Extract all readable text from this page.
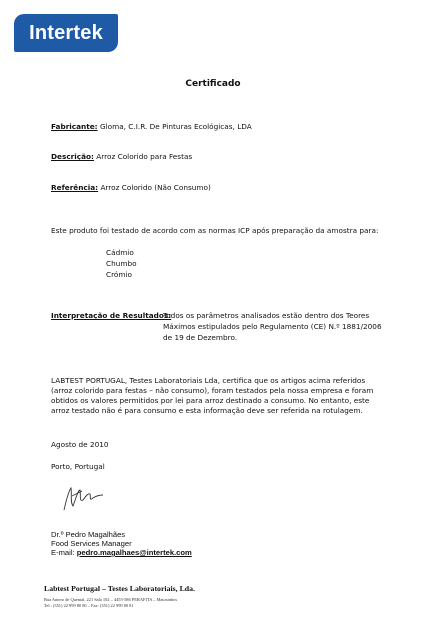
Intertek
Certificado
Fabricante: Gloma, C.I.R. De Pinturas Ecológicas, LDA
Descrição: Arroz Colorido para Festas
Referência: Arroz Colorido (Não Consumo)
Este produto foi testado de acordo com as normas ICP após preparação da amostra para:
Cádmio
Chumbo
Crómio
Interpretação de Resultados:
Todos os parâmetros analisados estão dentro dos Teores
Máximos estipulados pelo Regulamento (CE) N.º 1881/2006
de 19 de Dezembro.
LABTEST PORTUGAL, Testes Laboratoriais Lda, certifica que os artigos acima referidos
(arroz colorido para festas – não consumo), foram testados pela nossa empresa e foram
obtidos os valores permitidos por lei para arroz destinado a consumo. No entanto, este
arroz testado não é para consumo e esta informação deve ser referida na rotulagem.
Agosto de 2010
Porto, Portugal
Dr.º Pedro Magalhães
Food Services Manager
E-mail: pedro.magalhaes@intertek.com
Labtest Portugal – Testes Laboratoriais, Lda.
Rua Antero de Quental, 221 Sala 102 – 4455-586 PERAFITA – Matosinhos
Tel.: (351) 22 999 80 80 – Fax: (351) 22 999 80 81
